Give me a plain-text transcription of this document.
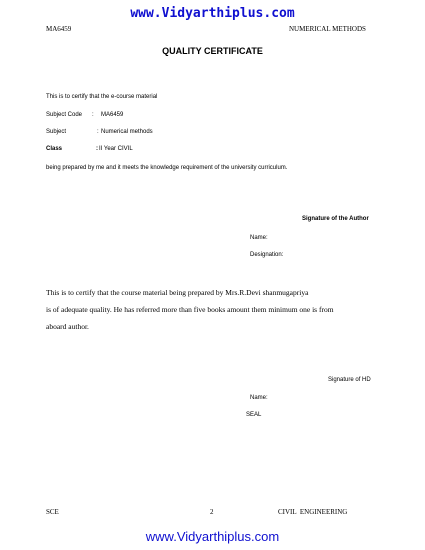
www.Vidyarthiplus.com
MA6459	NUMERICAL METHODS
QUALITY CERTIFICATE
This is to certify that the e-course material
Subject Code : MA6459
Subject	: Numerical methods
Class	: II Year CIVIL
being prepared by me and it meets the knowledge requirement of the university curriculum.
Signature of the Author
Name:
Designation:
This is to certify that the course material being prepared by Mrs.R.Devi shanmugapriya
is of adequate quality. He has referred more than five books amount them minimum one is from
aboard author.
Signature of HD
Name:
SEAL
SCE	2	CIVIL  ENGINEERING
www.Vidyarthiplus.com
